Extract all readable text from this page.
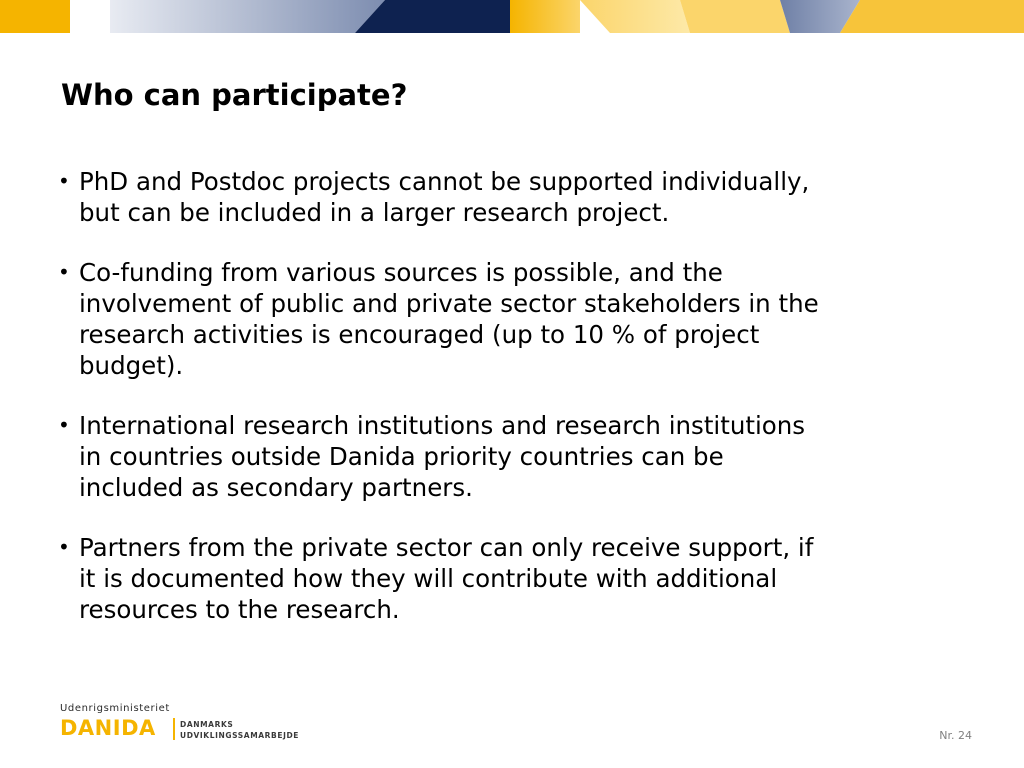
Who can participate?
• PhD and Postdoc projects cannot be supported individually,
but can be included in a larger research project.
• Co-funding from various sources is possible, and the
involvement of public and private sector stakeholders in the
research activities is encouraged (up to 10 % of project
budget).
• International research institutions and research institutions
in countries outside Danida priority countries can be
included as secondary partners.
• Partners from the private sector can only receive support, if
it is documented how they will contribute with additional
resources to the research.
Udenrigsministeriet
DANIDA	DANMARKS
UDVIKLINGSSAMARBEJDE	Nr. 24
